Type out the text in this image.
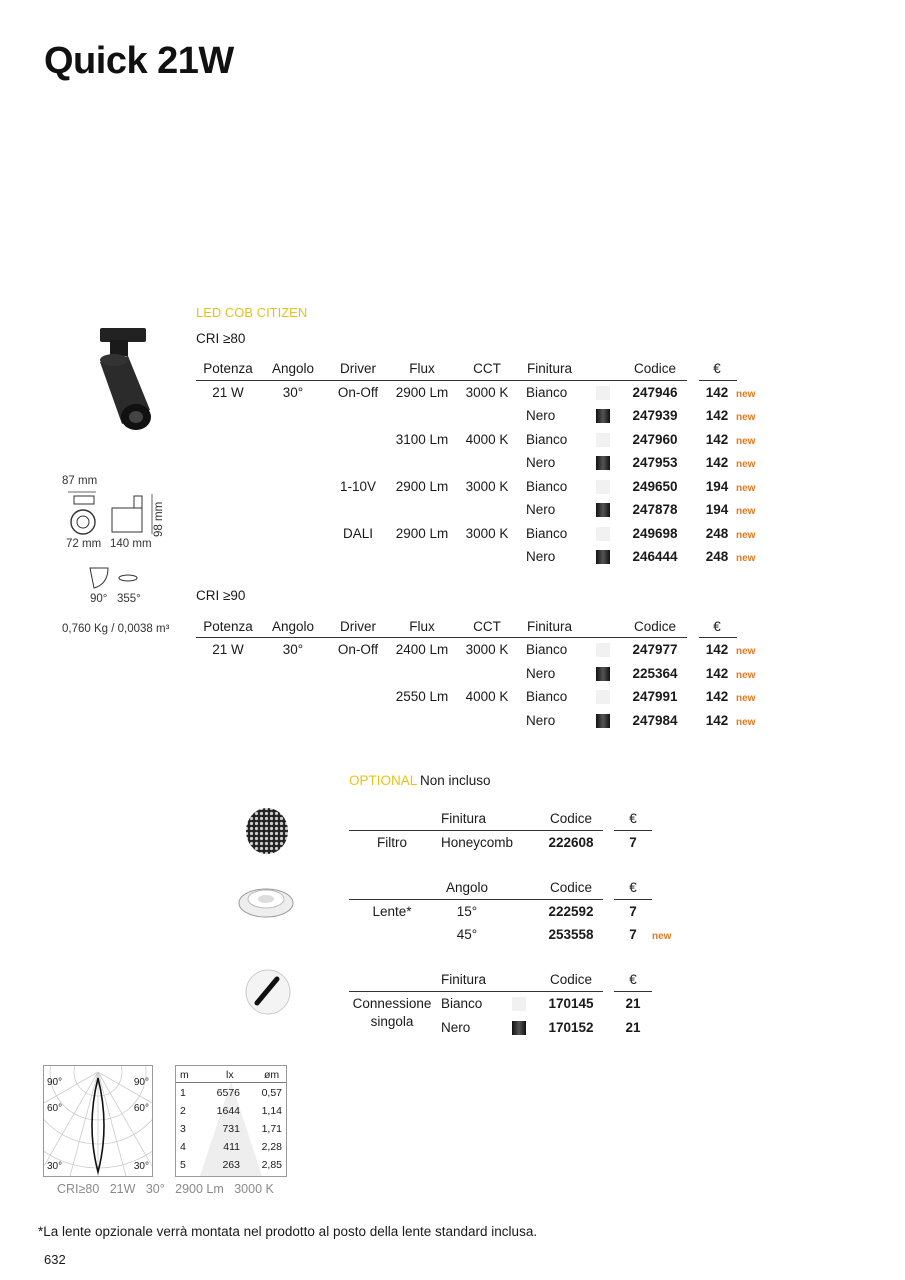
Quick 21W
87 mm
98 mm
72 mm 140 mm
90° 355°
0,760 Kg / 0,0038 m³
LED COB CITIZEN
CRI ≥80
Potenza Angolo Driver Flux	CCT Finitura	Codice	€
21 W	30°	On-Off 2900 Lm 3000 K Bianco	247946 142 new
Nero	247939 142 new
3100 Lm 4000 K Bianco	247960 142 new
Nero	247953 142 new
1-10V 2900 Lm 3000 K Bianco	249650 194 new
Nero	247878 194 new
DALI 2900 Lm 3000 K Bianco	249698 248 new
Nero	246444 248 new
CRI ≥90
Potenza Angolo Driver Flux	CCT Finitura	Codice	€
21 W	30°	On-Off 2400 Lm 3000 K Bianco	247977 142 new
Nero	225364 142 new
2550 Lm 4000 K Bianco	247991 142 new
Nero	247984 142 new
OPTIONAL Non incluso
Finitura	Codice	€
Filtro	Honeycomb	222608	7
Angolo	Codice	€
Lente*	15°	222592	7
45°	253558	7 new
Finitura	Codice	€
Connessione
singola
Bianco	170145 21
Nero	170152 21
90°	90°
60°	60°
30°	30°
m	lx	øm
1	6576 0,57
2	1644 1,14
3	731 1,71
4	411 2,28
5	263 2,85
CRI≥80   21W   30°   2900 Lm   3000 K
*La lente opzionale verrà montata nel prodotto al posto della lente standard inclusa.
632
